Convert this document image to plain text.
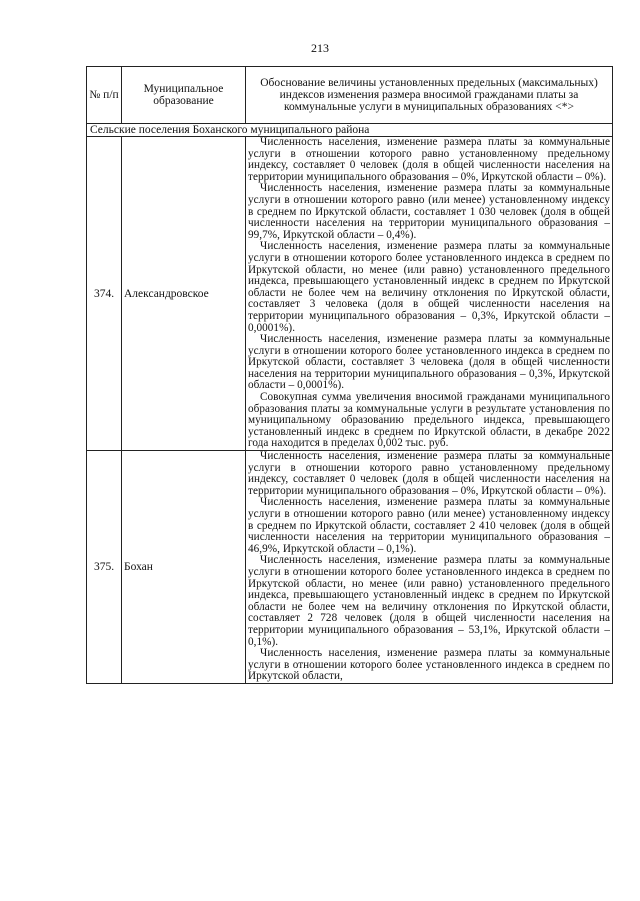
213
№ п/п	Муниципальное образование	Обоснование величины установленных предельных (максимальных) индексов изменения размера вносимой гражданами платы за коммунальные услуги в муниципальных образованиях <*>
Сельские поселения Боханского муниципального района		
374.	Александровское	Численность населения, изменение размера платы за коммунальные услуги в отношении которого равно установленному предельному индексу, составляет 0 человек (доля в общей численности населения на территории муниципального образования – 0%, Иркутской области – 0%).

Численность населения, изменение размера платы за коммунальные услуги в отношении которого равно (или менее) установленному индексу в среднем по Иркутской области, составляет 1 030 человек (доля в общей численности населения на территории муниципального образования – 99,7%, Иркутской области – 0,4%).

Численность населения, изменение размера платы за коммунальные услуги в отношении которого более установленного индекса в среднем по Иркутской области, но менее (или равно) установленного предельного индекса, превышающего установленный индекс в среднем по Иркутской области не более чем на величину отклонения по Иркутской области, составляет 3 человека (доля в общей численности населения на территории муниципального образования – 0,3%, Иркутской области – 0,0001%).

Численность населения, изменение размера платы за коммунальные услуги в отношении которого более установленного индекса в среднем по Иркутской области, составляет 3 человека (доля в общей численности населения на территории муниципального образования – 0,3%, Иркутской области – 0,0001%).

Совокупная сумма увеличения вносимой гражданами муниципального образования платы за коммунальные услуги в результате установления по муниципальному образованию предельного индекса, превышающего установленный индекс в среднем по Иркутской области, в декабре 2022 года находится в пределах 0,002 тыс. руб.

375.	Бохан	Численность населения, изменение размера платы за коммунальные услуги в отношении которого равно установленному предельному индексу, составляет 0 человек (доля в общей численности населения на территории муниципального образования – 0%, Иркутской области – 0%).

Численность населения, изменение размера платы за коммунальные услуги в отношении которого равно (или менее) установленному индексу в среднем по Иркутской области, составляет 2 410 человек (доля в общей численности населения на территории муниципального образования – 46,9%, Иркутской области – 0,1%).

Численность населения, изменение размера платы за коммунальные услуги в отношении которого более установленного индекса в среднем по Иркутской области, но менее (или равно) установленного предельного индекса, превышающего установленный индекс в среднем по Иркутской области не более чем на величину отклонения по Иркутской области, составляет 2 728 человек (доля в общей численности населения на территории муниципального образования – 53,1%, Иркутской области – 0,1%).

Численность населения, изменение размера платы за коммунальные услуги в отношении которого более установленного индекса в среднем по Иркутской области,
